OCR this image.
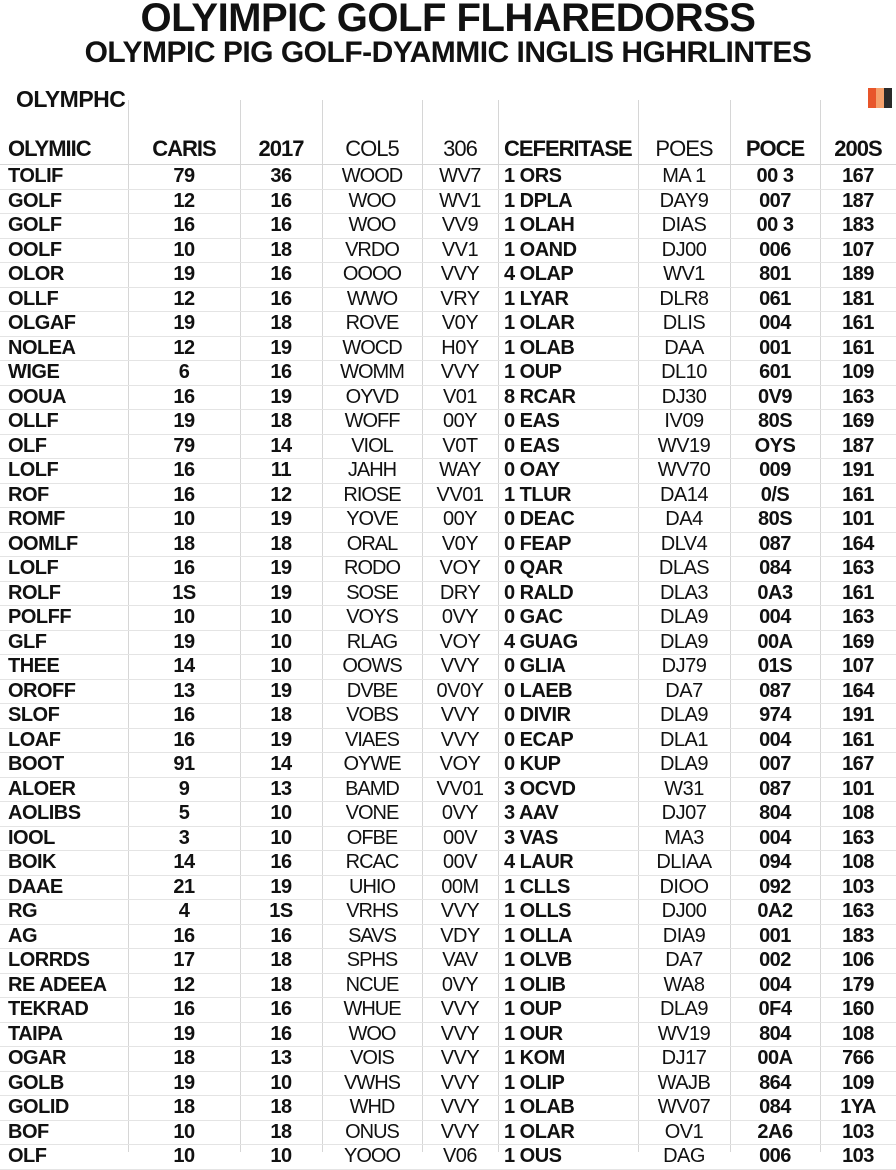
OLYIMPIC GOLF FLHAREDORSS
OLYMPIC PIG GOLF-DYAMMIC INGLIS HGHRLINTES
OLYMPHC
OLYMIIC	CARIS	2017	COL5	306	CEFERITASE	POES	POCE	200S
TOLIF	79	36	WOOD	WV7	1 ORS	MA 1	00 3	167
GOLF	12	16	WOO	WV1	1 DPLA	DAY9	007	187
GOLF	16	16	WOO	VV9	1 OLAH	DIAS	00 3	183
OOLF	10	18	VRDO	VV1	1 OAND	DJ00	006	107
OLOR	19	16	OOOO	VVY	4 OLAP	WV1	801	189
OLLF	12	16	WWO	VRY	1 LYAR	DLR8	061	181
OLGAF	19	18	ROVE	V0Y	1 OLAR	DLIS	004	161
NOLEA	12	19	WOCD	H0Y	1 OLAB	DAA	001	161
WIGE	6	16	WOMM	VVY	1 OUP	DL10	601	109
OOUA	16	19	OYVD	V01	8 RCAR	DJ30	0V9	163
OLLF	19	18	WOFF	00Y	0 EAS	IV09	80S	169
OLF	79	14	VIOL	V0T	0 EAS	WV19	OYS	187
LOLF	16	11	JAHH	WAY	0 OAY	WV70	009	191
ROF	16	12	RIOSE	VV01	1 TLUR	DA14	0/S	161
ROMF	10	19	YOVE	00Y	0 DEAC	DA4	80S	101
OOMLF	18	18	ORAL	V0Y	0 FEAP	DLV4	087	164
LOLF	16	19	RODO	VOY	0 QAR	DLAS	084	163
ROLF	1S	19	SOSE	DRY	0 RALD	DLA3	0A3	161
POLFF	10	10	VOYS	0VY	0 GAC	DLA9	004	163
GLF	19	10	RLAG	VOY	4 GUAG	DLA9	00A	169
THEE	14	10	OOWS	VVY	0 GLIA	DJ79	01S	107
OROFF	13	19	DVBE	0V0Y	0 LAEB	DA7	087	164
SLOF	16	18	VOBS	VVY	0 DIVIR	DLA9	974	191
LOAF	16	19	VIAES	VVY	0 ECAP	DLA1	004	161
BOOT	91	14	OYWE	VOY	0 KUP	DLA9	007	167
ALOER	9	13	BAMD	VV01	3 OCVD	W31	087	101
AOLIBS	5	10	VONE	0VY	3 AAV	DJ07	804	108
IOOL	3	10	OFBE	00V	3 VAS	MA3	004	163
BOIK	14	16	RCAC	00V	4 LAUR	DLIAA	094	108
DAAE	21	19	UHIO	00M	1 CLLS	DIOO	092	103
RG	4	1S	VRHS	VVY	1 OLLS	DJ00	0A2	163
AG	16	16	SAVS	VDY	1 OLLA	DIA9	001	183
LORRDS	17	18	SPHS	VAV	1 OLVB	DA7	002	106
RE ADEEA	12	18	NCUE	0VY	1 OLIB	WA8	004	179
TEKRAD	16	16	WHUE	VVY	1 OUP	DLA9	0F4	160
TAIPA	19	16	WOO	VVY	1 OUR	WV19	804	108
OGAR	18	13	VOIS	VVY	1 KOM	DJ17	00A	766
GOLB	19	10	VWHS	VVY	1 OLIP	WAJB	864	109
GOLID	18	18	WHD	VVY	1 OLAB	WV07	084	1YA
BOF	10	18	ONUS	VVY	1 OLAR	OV1	2A6	103
OLF	10	10	YOOO	V06	1 OUS	DAG	006	103
